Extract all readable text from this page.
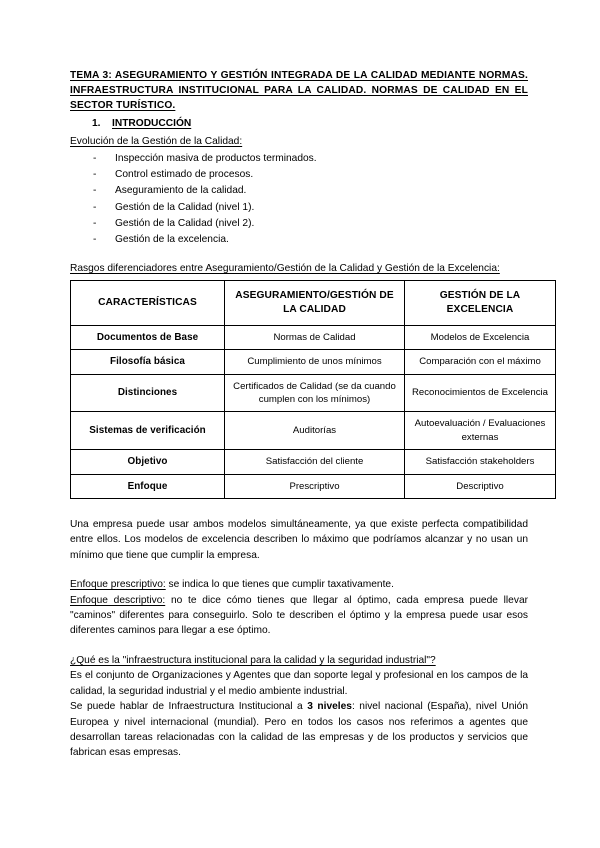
TEMA 3: ASEGURAMIENTO Y GESTIÓN INTEGRADA DE LA CALIDAD MEDIANTE NORMAS. INFRAESTRUCTURA INSTITUCIONAL PARA LA CALIDAD. NORMAS DE CALIDAD EN EL SECTOR TURÍSTICO.
1. INTRODUCCIÓN
Evolución de la Gestión de la Calidad:
- Inspección masiva de productos terminados.
- Control estimado de procesos.
- Aseguramiento de la calidad.
- Gestión de la Calidad (nivel 1).
- Gestión de la Calidad (nivel 2).
- Gestión de la excelencia.
Rasgos diferenciadores entre Aseguramiento/Gestión de la Calidad y Gestión de la Excelencia:
CARACTERÍSTICAS	ASEGURAMIENTO/GESTIÓN DE LA CALIDAD	GESTIÓN DE LA EXCELENCIA
Documentos de Base	Normas de Calidad	Modelos de Excelencia
Filosofía básica	Cumplimiento de unos mínimos	Comparación con el máximo
Distinciones	Certificados de Calidad (se da cuando cumplen con los mínimos)	Reconocimientos de Excelencia
Sistemas de verificación	Auditorías	Autoevaluación / Evaluaciones externas
Objetivo	Satisfacción del cliente	Satisfacción stakeholders
Enfoque	Prescriptivo	Descriptivo

Una empresa puede usar ambos modelos simultáneamente, ya que existe perfecta compatibilidad entre ellos. Los modelos de excelencia describen lo máximo que podríamos alcanzar y no usan un mínimo que tiene que cumplir la empresa.

Enfoque prescriptivo: se indica lo que tienes que cumplir taxativamente.

Enfoque descriptivo: no te dice cómo tienes que llegar al óptimo, cada empresa puede llevar "caminos" diferentes para conseguirlo. Solo te describen el óptimo y la empresa puede usar esos diferentes caminos para llegar a ese óptimo.

¿Qué es la "infraestructura institucional para la calidad y la seguridad industrial"?

Es el conjunto de Organizaciones y Agentes que dan soporte legal y profesional en los campos de la calidad, la seguridad industrial y el medio ambiente industrial.

Se puede hablar de Infraestructura Institucional a 3 niveles: nivel nacional (España), nivel Unión Europea y nivel internacional (mundial). Pero en todos los casos nos referimos a agentes que desarrollan tareas relacionadas con la calidad de las empresas y de los productos y servicios que fabrican esas empresas.
